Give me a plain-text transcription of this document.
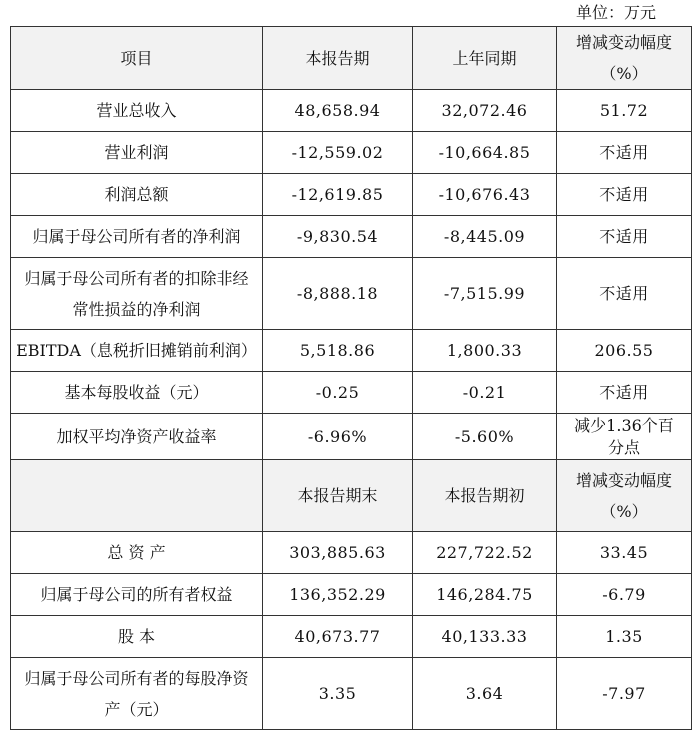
单位：万元
项目	本报告期	上年同期	增减变动幅度（%）
营业总收入	48,658.94	32,072.46	51.72
营业利润	-12,559.02	-10,664.85	不适用
利润总额	-12,619.85	-10,676.43	不适用
归属于母公司所有者的净利润	-9,830.54	-8,445.09	不适用
归属于母公司所有者的扣除非经常性损益的净利润	-8,888.18	-7,515.99	不适用
EBITDA（息税折旧摊销前利润）	5,518.86	1,800.33	206.55
基本每股收益（元）	-0.25	-0.21	不适用
加权平均净资产收益率	-6.96%	-5.60%	减少1.36个百分点
	本报告期末	本报告期初	增减变动幅度（%）
总 资 产	303,885.63	227,722.52	33.45
归属于母公司的所有者权益	136,352.29	146,284.75	-6.79
股 本	40,673.77	40,133.33	1.35
归属于母公司所有者的每股净资产（元）	3.35	3.64	-7.97
